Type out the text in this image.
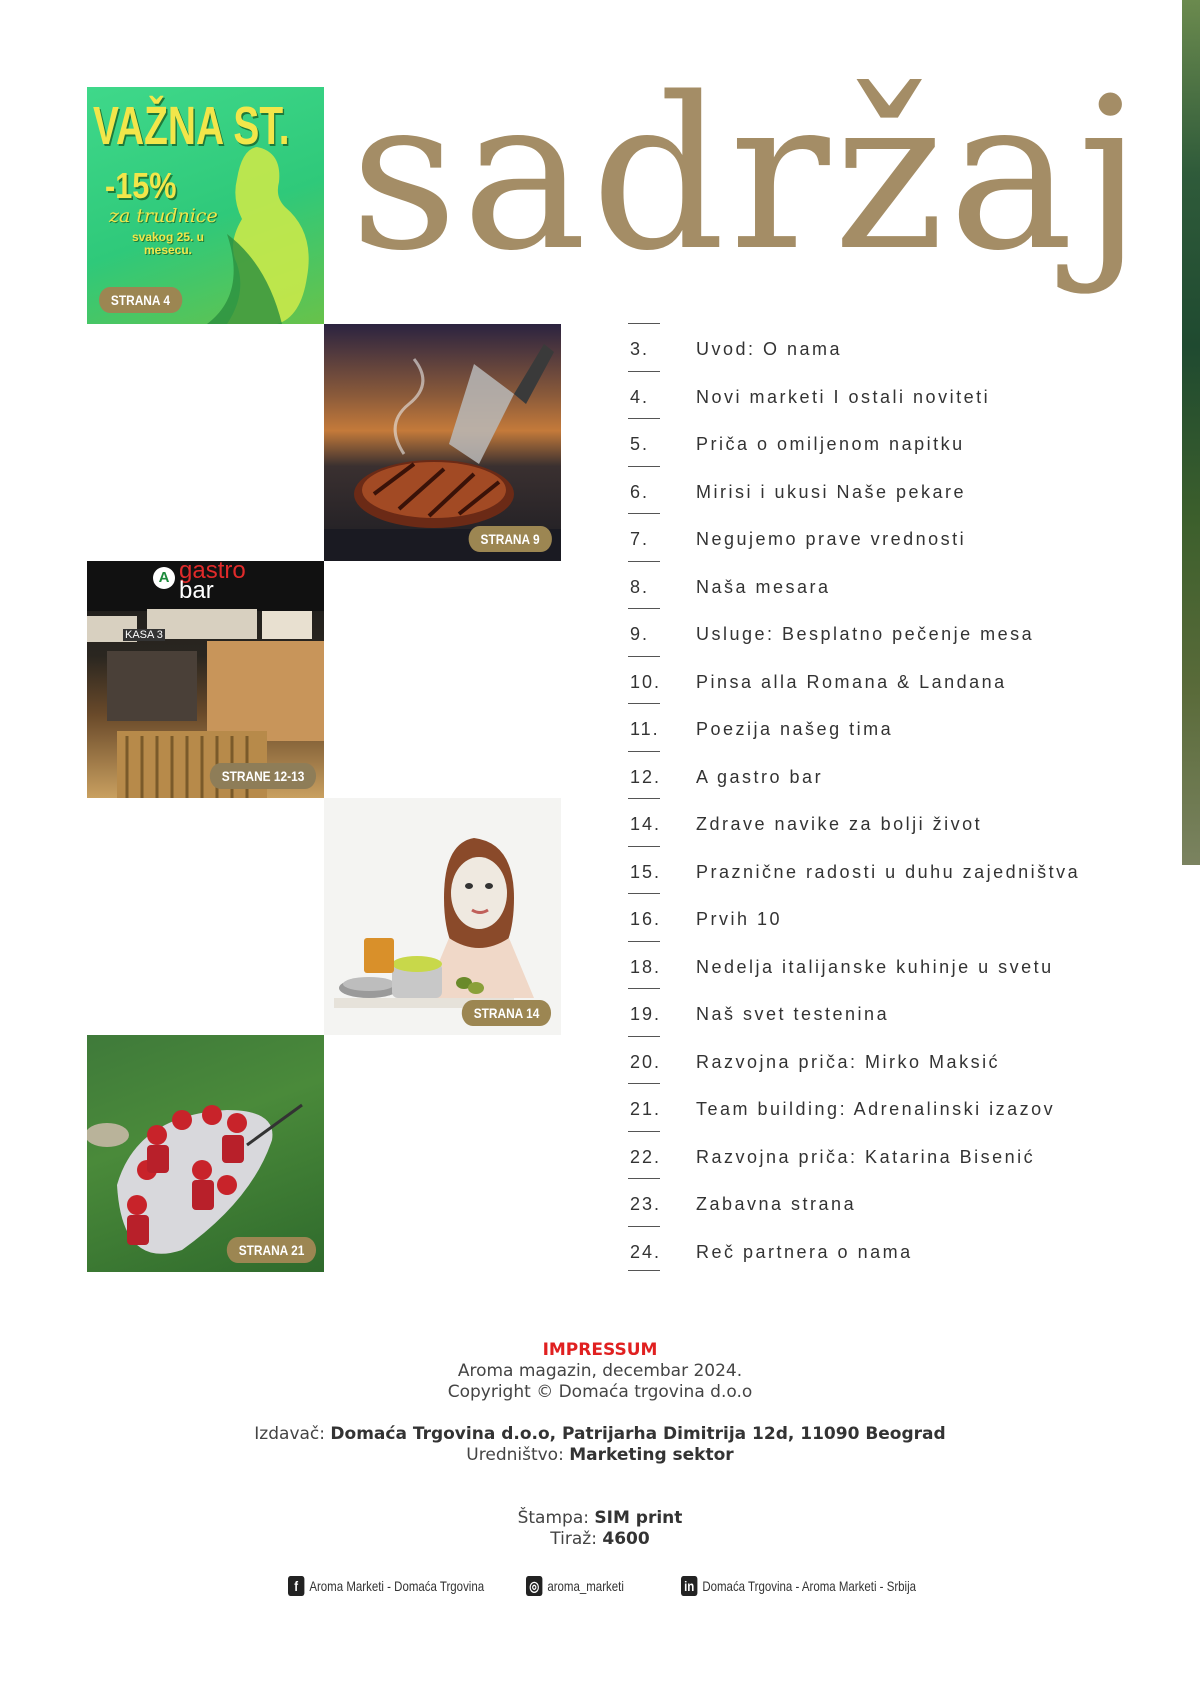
sadržaj
VAŽNA ST.
-15%
za trudnice
svakog 25. u mesecu.
STRANA 4
STRANA 9
A gastro
bar
KASA 3
STRANE 12-13
STRANA 14
STRANA 21
3.	Uvod: O nama
4.	Novi marketi I ostali noviteti
5.	Priča o omiljenom napitku
6.	Mirisi i ukusi Naše pekare
7.	Negujemo prave vrednosti
8.	Naša mesara
9.	Usluge: Besplatno pečenje mesa
10. Pinsa alla Romana & Landana
11. Poezija našeg tima
12. A gastro bar
14. Zdrave navike za bolji život
15. Praznične radosti u duhu zajedništva
16. Prvih 10
18. Nedelja italijanske kuhinje u svetu
19. Naš svet testenina
20. Razvojna priča: Mirko Maksić
21. Team building: Adrenalinski izazov
22. Razvojna priča: Katarina Bisenić
23. Zabavna strana
24. Reč partnera o nama
IMPRESSUM
Aroma magazin, decembar 2024.
Copyright © Domaća trgovina d.o.o
Izdavač: Domaća Trgovina d.o.o, Patrijarha Dimitrija 12d, 11090 Beograd
Uredništvo: Marketing sektor
Štampa: SIM print
Tiraž: 4600
f Aroma Marketi - Domaća Trgovina	◎ aroma_marketi	in Domaća Trgovina - Aroma Marketi - Srbija
